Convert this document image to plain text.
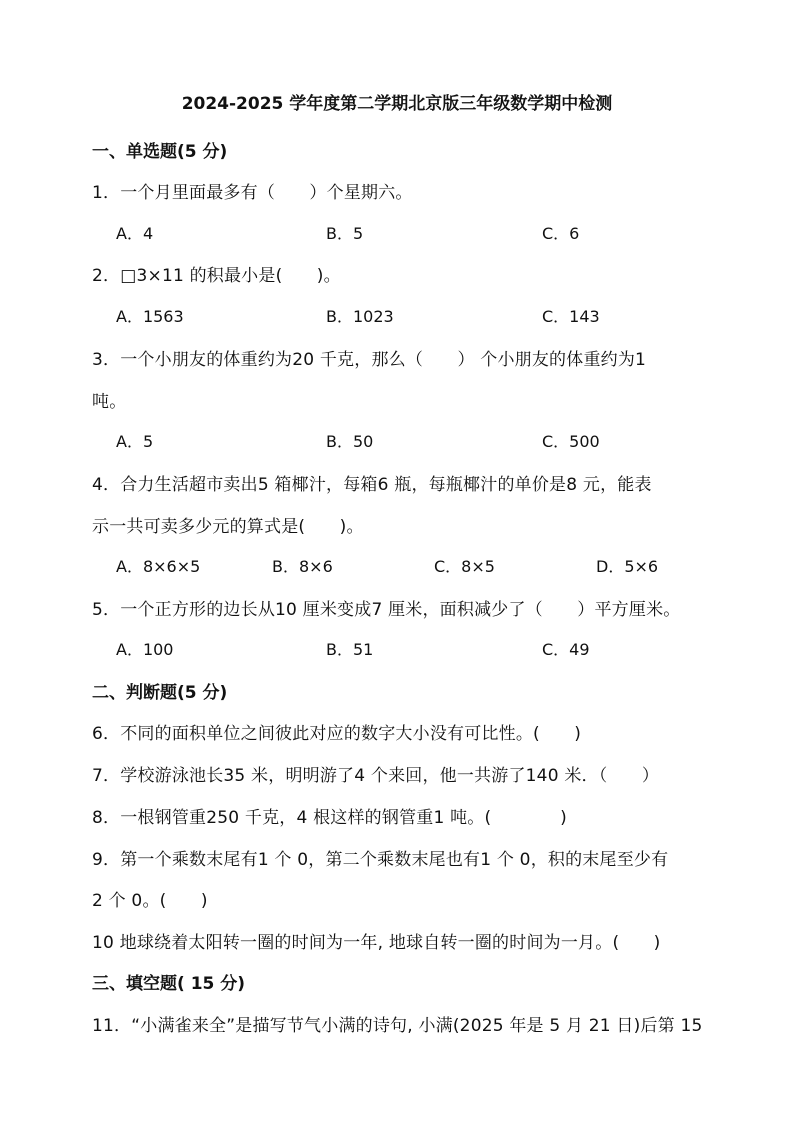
2024-2025 学年度第二学期北京版三年级数学期中检测
一、单选题(5 分)
1．一个月里面最多有（　　）个星期六。
A．4	B．5	C．6
2．□3×11 的积最小是(　　)。
A．1563	B．1023	C．143
3．一个小朋友的体重约为20 千克，那么（　　） 个小朋友的体重约为1
吨。
A．5	B．50	C．500
4．合力生活超市卖出5 箱椰汁，每箱6 瓶，每瓶椰汁的单价是8 元，能表
示一共可卖多少元的算式是(　　)。
A．8×6×5	B．8×6	C．8×5	D．5×6
5．一个正方形的边长从10 厘米变成7 厘米，面积减少了（　　）平方厘米。
A．100	B．51	C．49
二、判断题(5 分)
6．不同的面积单位之间彼此对应的数字大小没有可比性。(　　)
7．学校游泳池长35 米，明明游了4 个来回，他一共游了140 米．（　　）
8．一根钢管重250 千克，4 根这样的钢管重1 吨。(　　　　)
9．第一个乘数末尾有1 个 0，第二个乘数末尾也有1 个 0，积的末尾至少有
2 个 0。(　　)
10 地球绕着太阳转一圈的时间为一年, 地球自转一圈的时间为一月。(　　)
三、填空题( 15 分)
11．“小满雀来全”是描写节气小满的诗句, 小满(2025 年是 5 月 21 日)后第 15
